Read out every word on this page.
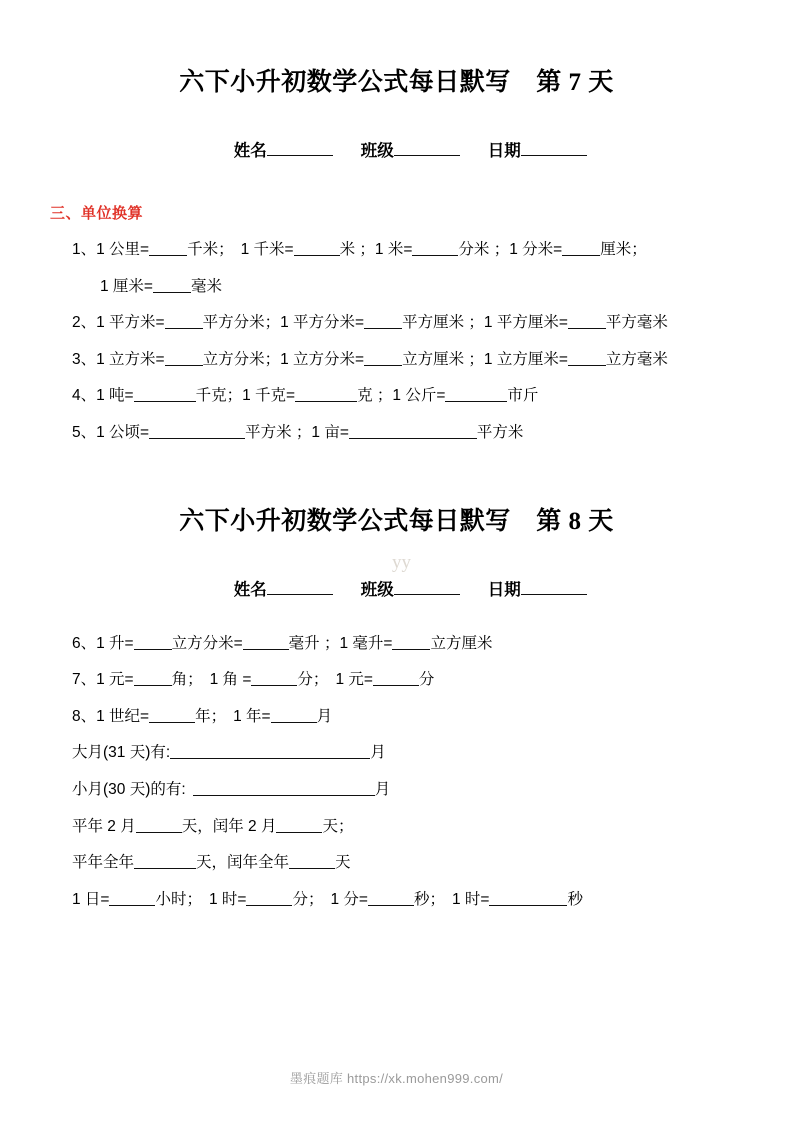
六下小升初数学公式每日默写　第 7 天

姓名	班级	日期

三、单位换算
1、1 公里= 千米； 1 千米=	米 ；1 米=	分米 ；1 分米= 厘米；
1 厘米= 毫米
2、1 平方米= 平方分米；1 平方分米= 平方厘米 ；1 平方厘米= 平方毫米
3、1 立方米= 立方分米；1 立方分米= 立方厘米 ；1 立方厘米= 立方毫米
4、1 吨=	千克；1 千克=	克 ；1 公斤=	市斤
5、1 公顷=	平方米 ；1 亩=	平方米
六下小升初数学公式每日默写　第 8 天

姓名	班级	日期

6、1 升= 立方分米=	毫升 ；1 毫升= 立方厘米
7、1 元= 角； 1 角 =	分； 1 元=	分
8、1 世纪=	年； 1 年=	月
大月(31 天)有:	月
小月(30 天)的有:	月
平年 2 月	天，闰年 2 月	天；
平年全年	天，闰年全年	天
1 日=	小时； 1 时=	分； 1 分=	秒； 1 时=	秒
yy
墨痕题库 https://xk.mohen999.com/
